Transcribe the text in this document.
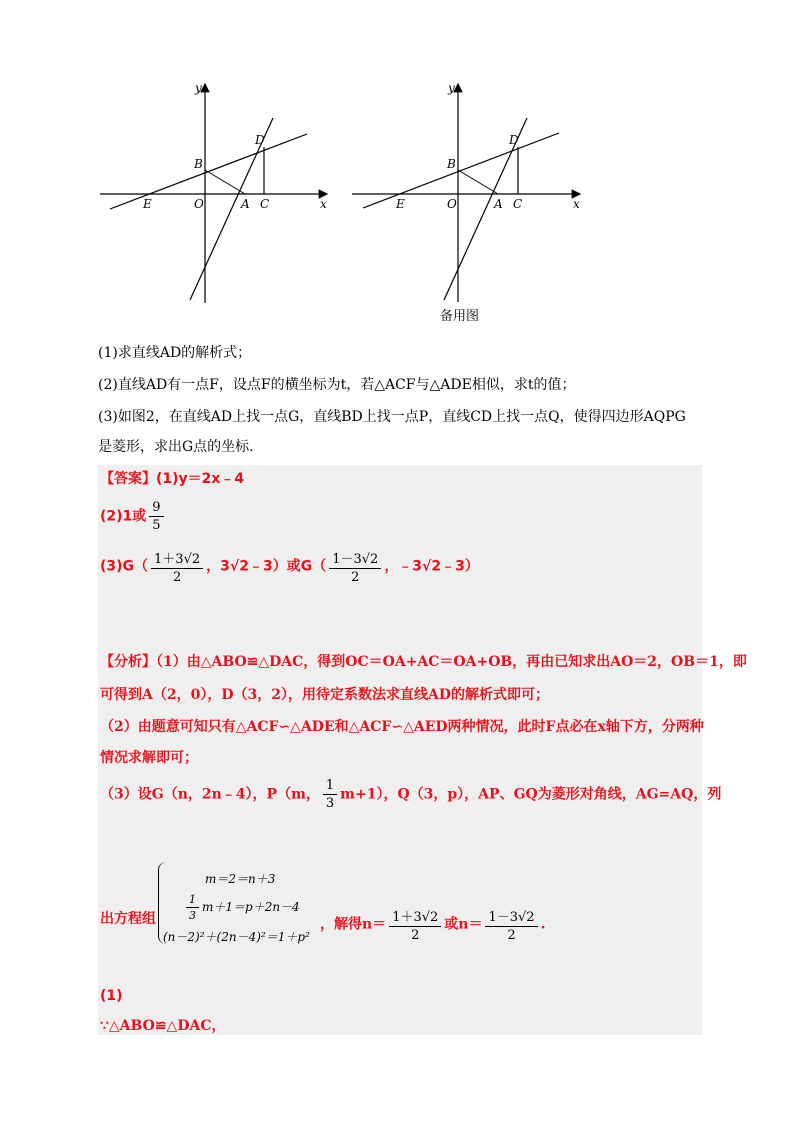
y
x
B
D
E	O	A C
y
x
B
D
E	O	A C
备用图
(1)求直线AD的解析式；
(2)直线AD有一点F，设点F的横坐标为t，若△ACF与△ADE相似，求t的值；
(3)如图2，在直线AD上找一点G，直线BD上找一点P，直线CD上找一点Q，使得四边形AQPG
是菱形，求出G点的坐标.
【答案】(1)y＝2x﹣4
(2)1或 $\frac{9}{5}$
$(3)G( \frac{1+3√2}{2}$ ，3√2﹣3）或$G( \frac{1-3√2}{2}$ ，﹣3√2﹣3）
【分析】（1）由△ABO≌△DAC，得到OC＝OA+AC＝OA+OB，再由已知求出AO＝2，OB＝1，即
可得到A（2，0），D（3，2），用待定系数法求直线AD的解析式即可；
（2）由题意可知只有△ACF∽△ADE和△ACF∽△AED两种情况，此时F点必在x轴下方，分两种
情况求解即可；
（3）设G（n，2n﹣4），P（m， $\frac{1}{3} m+1$），Q（3，p），AP、GQ为菱形对角线，AG=AQ，列
m＝2＝n＋3
$\frac{1}{3} m+1=p+2n-4$
(n－2)²＋(2n－4)²＝1＋p²
出方程组	，解得$n= \frac{1+3√2}{2}$ 或$n= \frac{1-3√2}{2}$ .
(1)
∵△ABO≌△DAC，
